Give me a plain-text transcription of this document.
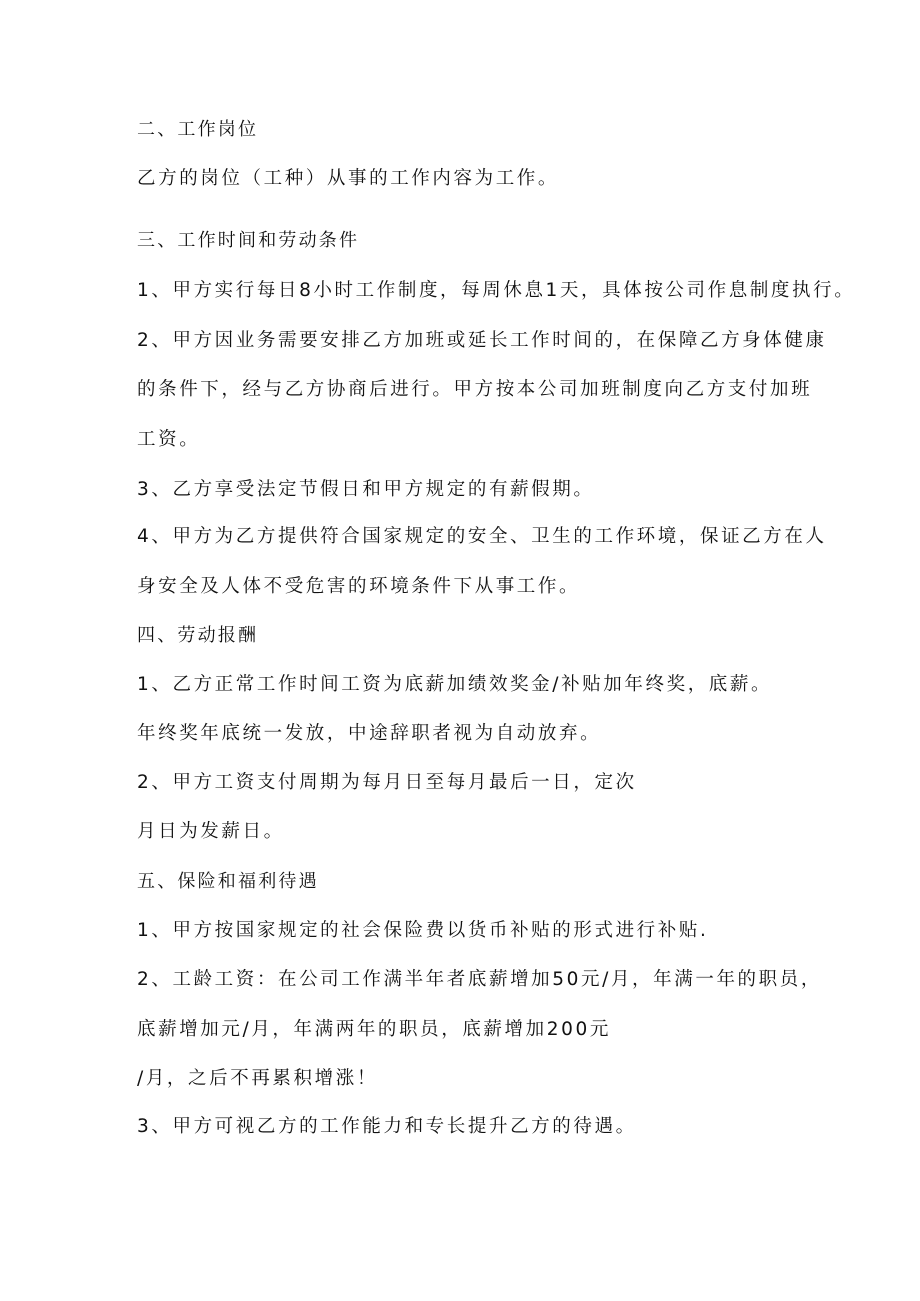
二、工作岗位

乙方的岗位（工种）从事的工作内容为工作。

三、工作时间和劳动条件

1、甲方实行每日8小时工作制度，每周休息1天，具体按公司作息制度执行。

2、甲方因业务需要安排乙方加班或延长工作时间的，在保障乙方身体健康

的条件下，经与乙方协商后进行。甲方按本公司加班制度向乙方支付加班

工资。

3、乙方享受法定节假日和甲方规定的有薪假期。

4、甲方为乙方提供符合国家规定的安全、卫生的工作环境，保证乙方在人

身安全及人体不受危害的环境条件下从事工作。

四、劳动报酬

1、乙方正常工作时间工资为底薪加绩效奖金/补贴加年终奖，底薪。

年终奖年底统一发放，中途辞职者视为自动放弃。

2、甲方工资支付周期为每月日至每月最后一日，定次

月日为发薪日。

五、保险和福利待遇

1、甲方按国家规定的社会保险费以货币补贴的形式进行补贴.

2、工龄工资：在公司工作满半年者底薪增加50元/月，年满一年的职员，

底薪增加元/月，年满两年的职员，底薪增加200元

/月，之后不再累积增涨！

3、甲方可视乙方的工作能力和专长提升乙方的待遇。
